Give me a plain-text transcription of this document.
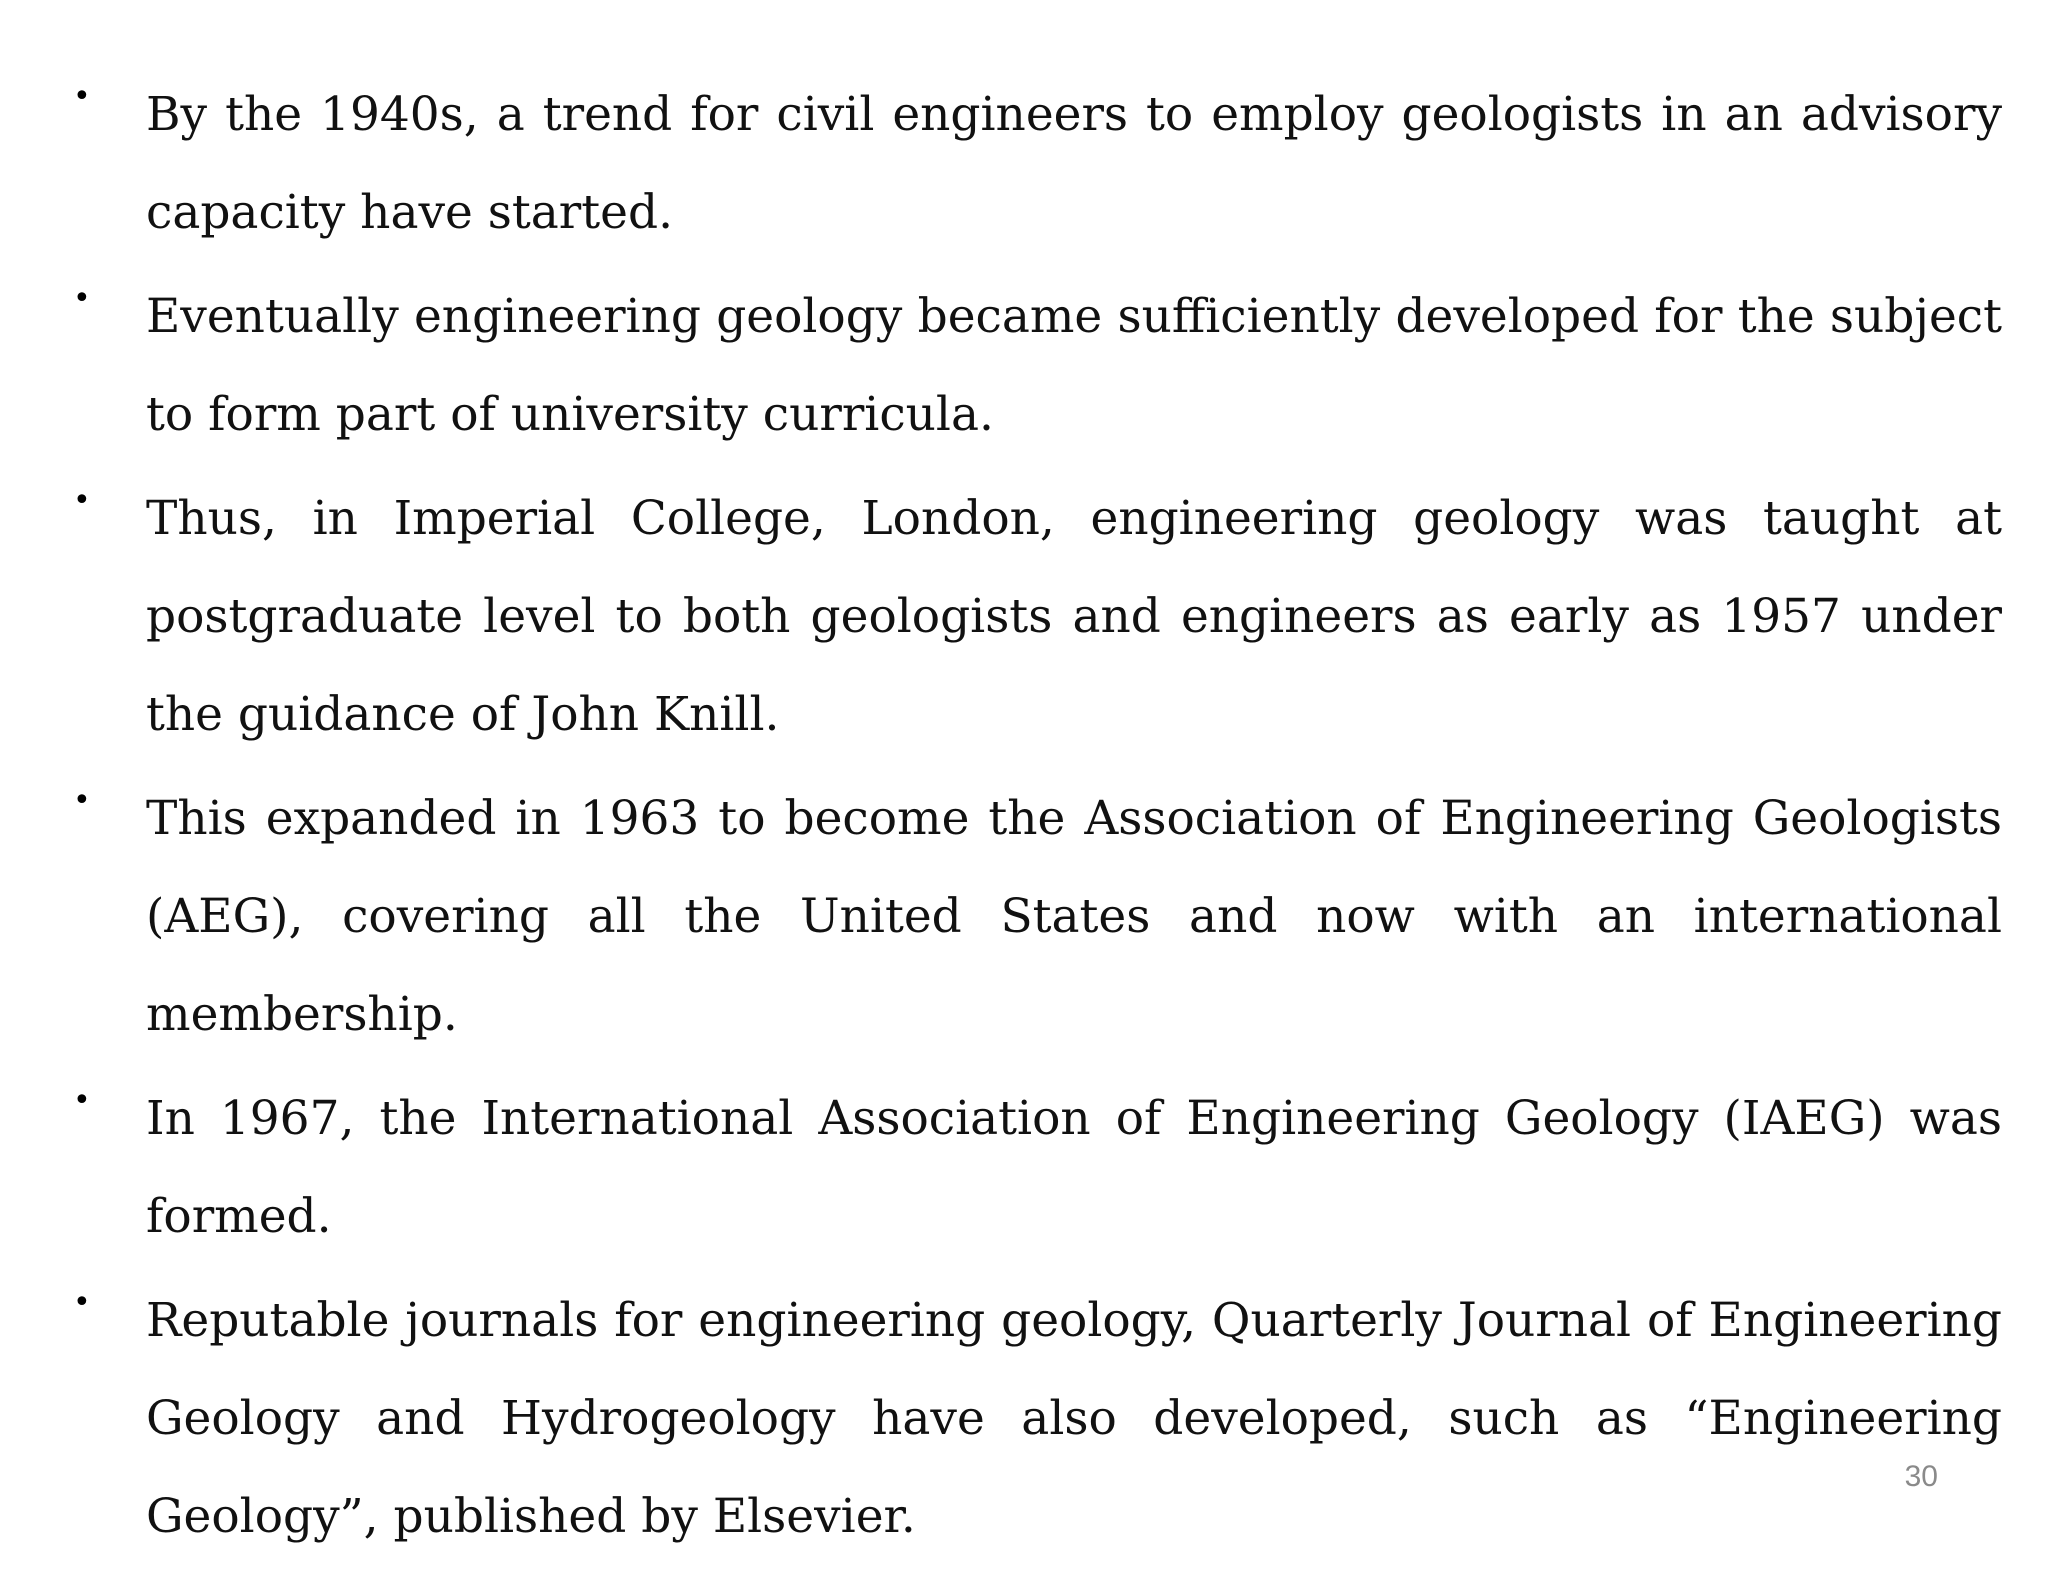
• By the 1940s, a trend for civil engineers to employ geologists in an advisory capacity have started.
• Eventually engineering geology became sufficiently developed for the subject to form part of university curricula.
• Thus, in Imperial College, London, engineering geology was taught at postgraduate level to both geologists and engineers as early as 1957 under the guidance of John Knill.
• This expanded in 1963 to become the Association of Engineering Geologists (AEG), covering all the United States and now with an international membership.
• In 1967, the International Association of Engineering Geology (IAEG) was formed.
• Reputable journals for engineering geology, Quarterly Journal of Engineering Geology and Hydrogeology have also developed, such as “Engineering Geology”, published by Elsevier.
30
